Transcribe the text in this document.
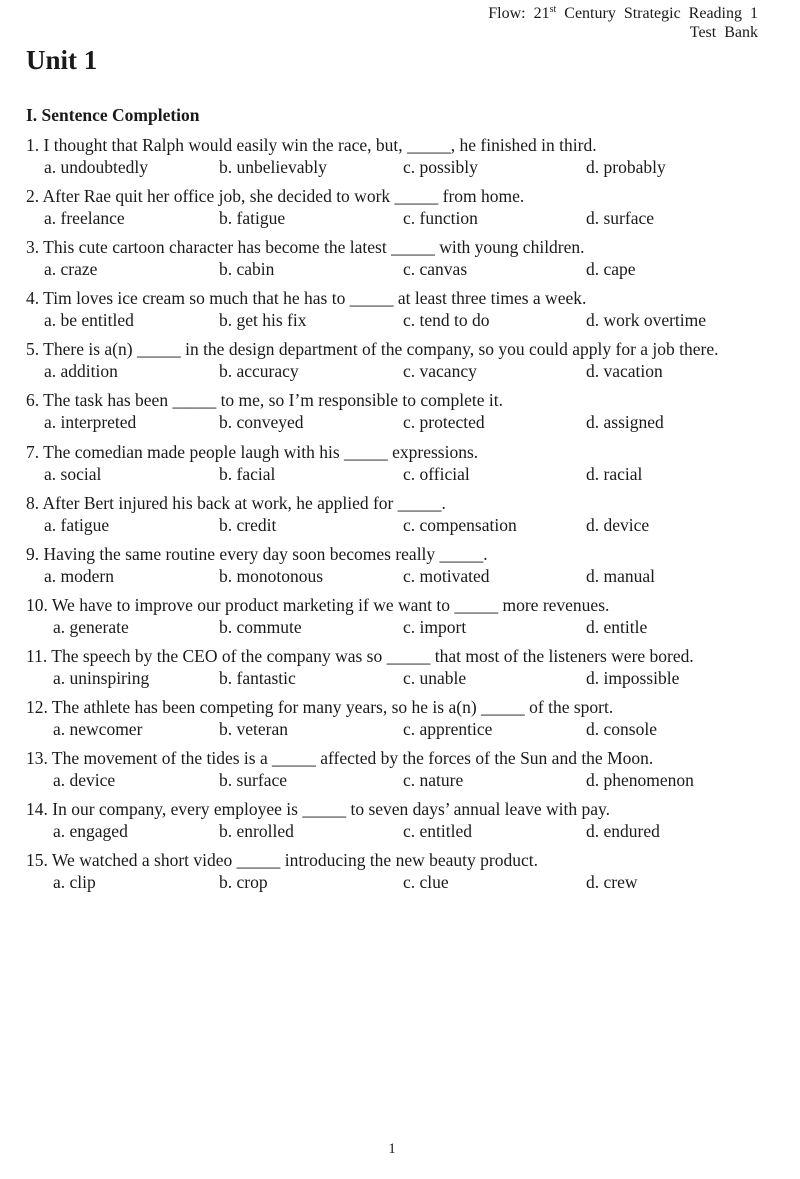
Flow: 21st Century Strategic Reading 1
Test Bank
Unit 1
I. Sentence Completion
1. I thought that Ralph would easily win the race, but, _____, he finished in third.
a. undoubtedly	b. unbelievably	c. possibly	d. probably
2. After Rae quit her office job, she decided to work _____ from home.
a. freelance	b. fatigue	c. function	d. surface
3. This cute cartoon character has become the latest _____ with young children.
a. craze	b. cabin	c. canvas	d. cape
4. Tim loves ice cream so much that he has to _____ at least three times a week.
a. be entitled	b. get his fix	c. tend to do	d. work overtime
5. There is a(n) _____ in the design department of the company, so you could apply for a job there.
a. addition	b. accuracy	c. vacancy	d. vacation
6. The task has been _____ to me, so I’m responsible to complete it.
a. interpreted	b. conveyed	c. protected	d. assigned
7. The comedian made people laugh with his _____ expressions.
a. social	b. facial	c. official	d. racial
8. After Bert injured his back at work, he applied for _____.
a. fatigue	b. credit	c. compensation	d. device
9. Having the same routine every day soon becomes really _____.
a. modern	b. monotonous	c. motivated	d. manual
10. We have to improve our product marketing if we want to _____ more revenues.
a. generate	b. commute	c. import	d. entitle
11. The speech by the CEO of the company was so _____ that most of the listeners were bored.
a. uninspiring	b. fantastic	c. unable	d. impossible
12. The athlete has been competing for many years, so he is a(n) _____ of the sport.
a. newcomer	b. veteran	c. apprentice	d. console
13. The movement of the tides is a _____ affected by the forces of the Sun and the Moon.
a. device	b. surface	c. nature	d. phenomenon
14. In our company, every employee is _____ to seven days’ annual leave with pay.
a. engaged	b. enrolled	c. entitled	d. endured
15. We watched a short video _____ introducing the new beauty product.
a. clip	b. crop	c. clue	d. crew
1
